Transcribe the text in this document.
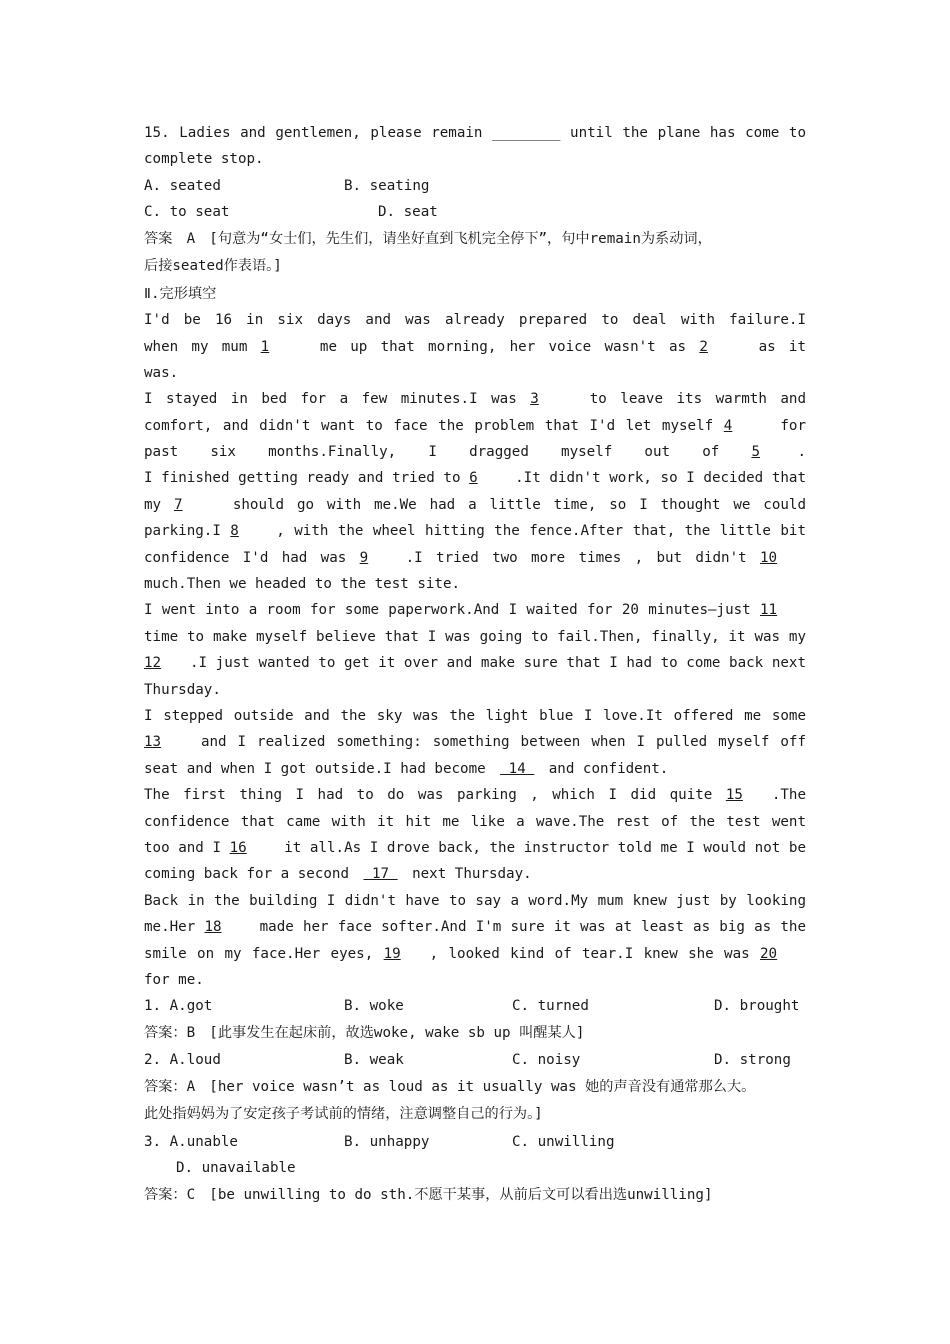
15. Ladies and gentlemen, please remain ________ until the plane has come to
complete stop.
A. seated	B. seating
C. to seat	D. seat
答案　A　[句意为“女士们，先生们，请坐好直到飞机完全停下”，句中remain为系动词，
后接seated作表语。]
Ⅱ.完形填空
I'd be 16 in six days and was already prepared to deal with failure.I
when my mum 1	me up that morning, her voice wasn't as 2	as it
was.
I stayed in bed for a few minutes.I was 3	to leave its warmth and
comfort, and didn't want to face the problem that I'd let myself 4	for
past six months.Finally, I dragged myself out of 5	.
I finished getting ready and tried to 6	.It didn't work, so I decided that
my 7	should go with me.We had a little time, so I thought we could
parking.I 8	, with the wheel hitting the fence.After that, the little bit
confidence I'd had was 9	.I tried two more times , but didn't 10
much.Then we headed to the test site.
I went into a room for some paperwork.And I waited for 20 minutes—just 11
time to make myself believe that I was going to fail.Then, finally, it was my
12.I just wanted to get it over and make sure that I had to come back next
Thursday.
I stepped outside and the sky was the light blue I love.It offered me some
13	and I realized something: something between when I pulled myself off
seat and when I got outside.I had become  14  and confident.
The first thing I had to do was parking , which I did quite 15.The
confidence that came with it hit me like a wave.The rest of the test went
too and I 16 it all.As I drove back, the instructor told me I would not be
coming back for a second  17  next Thursday.
Back in the building I didn't have to say a word.My mum knew just by looking
me.Her 18 made her face softer.And I'm sure it was at least as big as the
smile on my face.Her eyes, 19, looked kind of tear.I knew she was 20
for me.
1. A.got	B. woke	C. turned	D. brought
答案：B　[此事发生在起床前，故选woke, wake sb up 叫醒某人]
2. A.loud	B. weak	C. noisy	D. strong
答案：A　[her voice wasn’t as loud as it usually was 她的声音没有通常那么大。
此处指妈妈为了安定孩子考试前的情绪，注意调整自己的行为。]
3. A.unable	B. unhappy	C. unwilling
D. unavailable
答案：C　[be unwilling to do sth.不愿干某事，从前后文可以看出选unwilling]
